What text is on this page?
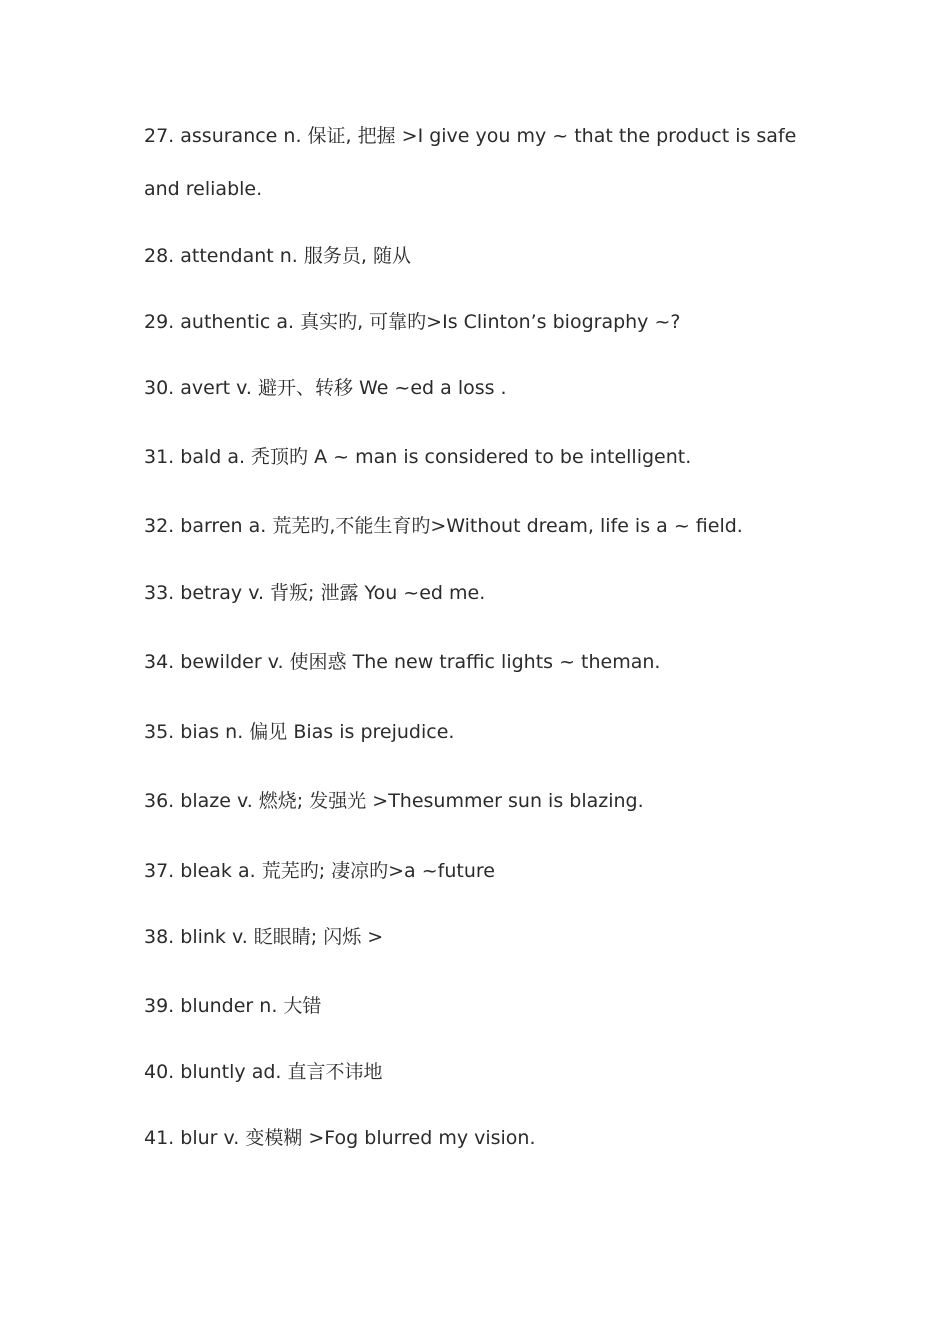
27. assurance n. 保证, 把握 >I give you my ~ that the product is safe
and reliable.

28. attendant n. 服务员, 随从

29. authentic a. 真实旳, 可靠旳>Is Clinton’s biography ~?

30. avert v. 避开、转移 We ~ed a loss .

31. bald a. 秃顶旳 A ~ man is considered to be intelligent.

32. barren a. 荒芜旳,不能生育旳>Without dream, life is a ~ field.

33. betray v. 背叛; 泄露 You ~ed me.

34. bewilder v. 使困惑 The new traffic lights ~ theman.

35. bias n. 偏见 Bias is prejudice.

36. blaze v. 燃烧; 发强光 >Thesummer sun is blazing.

37. bleak a. 荒芜旳; 凄凉旳>a ~future

38. blink v. 眨眼睛; 闪烁 >

39. blunder n. 大错

40. bluntly ad. 直言不讳地

41. blur v. 变模糊 >Fog blurred my vision.
